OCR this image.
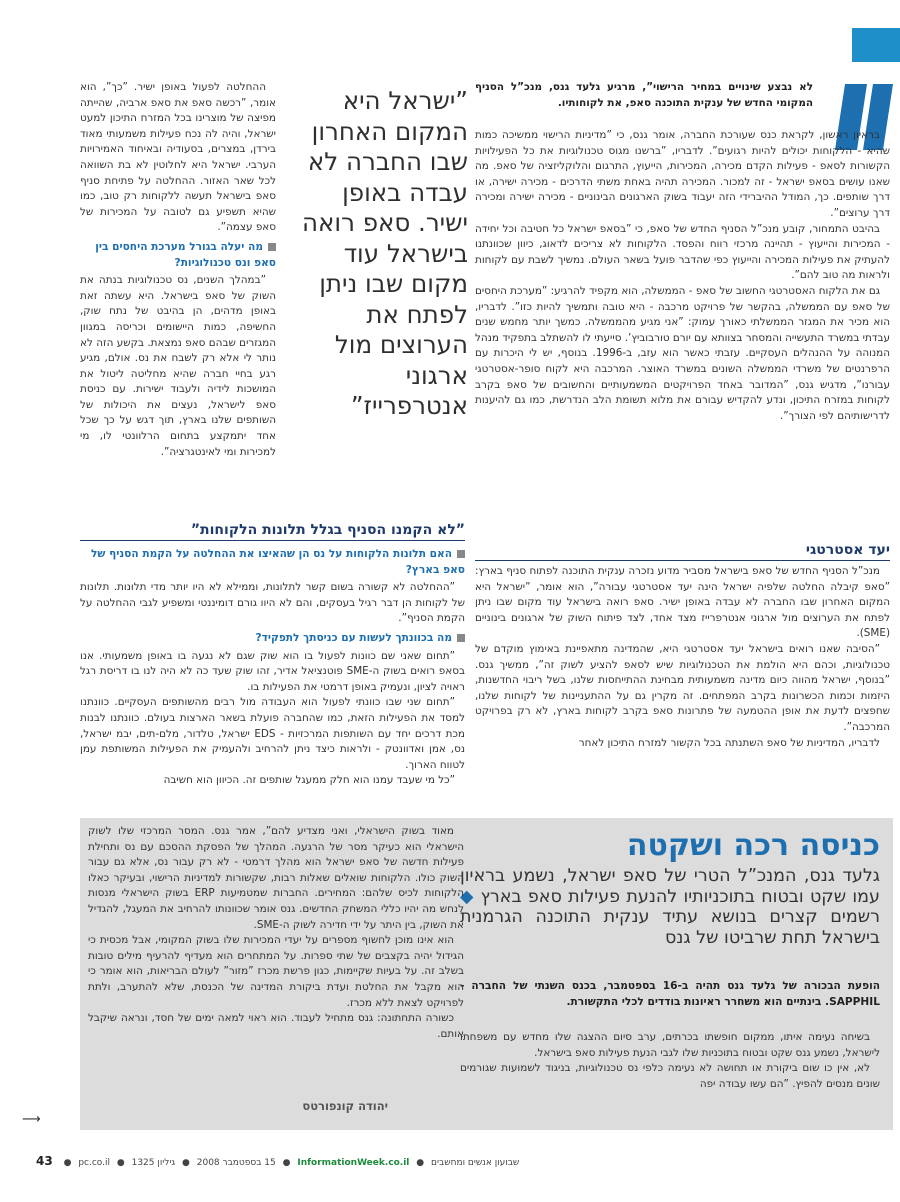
לא נבצע שינויים במחיר הרישוי”, מרגיע גלעד גנס, מנכ”ל הסניף המקומי החדש של ענקית התוכנה סאפ, את לקוחותיו.

בראיון ראשון, לקראת כנס שעורכת החברה, אומר גנס, כי ”מדיניות הרישוי ממשיכה כמות שהיא - הלקוחות יכולים להיות רגועים”. לדבריו, ”ברשנו מגוס טכנולוגיות את כל הפעילויות הקשורות לסאפ - פעילות הקדם מכירה, המכירות, הייעוץ, התרגום והלוקליזציה של סאפ. מה שאנו עושים בסאפ ישראל - זה למכור. המכירה תהיה באחת משתי הדרכים - מכירה ישירה, או דרך שותפים. כך, המודל ההיברידי הזה יעבוד בשוק הארגונים הבינוניים - מכירה ישירה ומכירה דרך ערוצים”.

בהיבט התמחור, קובע מנכ”ל הסניף החדש של סאפ, כי ”בסאפ ישראל כל חטיבה וכל יחידה - המכירות והייעוץ - תהיינה מרכזי רווח והפסד. הלקוחות לא צריכים לדאוג, כיוון שכוונתנו להעתיק את פעילות המכירה והייעוץ כפי שהדבר פועל בשאר העולם. נמשיך לשבת עם לקוחות ולראות מה טוב להם”.

גם את הלקוח האסטרטגי החשוב של סאפ - הממשלה, הוא מקפיד להרגיע: ”מערכת היחסים של סאפ עם הממשלה, בהקשר של פרויקט מרכבה - היא טובה ותמשיך להיות כזו”. לדבריו, הוא מכיר את המגזר הממשלתי כאורך עמוק: ”אני מגיע מהממשלה. כמשך יותר מחמש שנים עבדתי במשרד התעשייה והמסחר בצוותא עם יורם טורבוביץ’. סייעתי לו להשתלב בתפקיד מנהל המנוהה על ההנהלים העסקיים. עזבתי כאשר הוא עזב, ב-1996. בנוסף, יש לי היכרות עם הרפרנטים של משרדי הממשלה השונים במשרד האוצר. המרכבה היא לקוח סופר-אסטרטגי עבורנו”, מדגיש גנס, ”המדובר באחד הפרויקטים המשמעותיים והחשובים של סאפ בקרב לקוחות במזרח התיכון, ונדע להקדיש עבורם את מלוא תשומת הלב הנדרשת, כמו גם להיענות לדרישותיהם לפי הצורך”.

”ישראל היא המקום האחרון שבו החברה לא עבדה באופן ישיר. סאפ רואה בישראל עוד מקום שבו ניתן לפתח את הערוצים מול ארגוני אנטרפרייז”

ההחלטה לפעול באופן ישיר. ”כך”, הוא אומר, ”רכשה סאפ את סאפ ארביה, שהייתה מפיצה של מוצרינו בכל המזרח התיכון למעט ישראל, והיה לה נכח פעילות משמעותי מאוד בירדן, במצרים, בסעודיה ובאיחוד האמירויות הערבי. ישראל היא לחלוטין לא בת השוואה לכל שאר האזור. ההחלטה על פתיחת סניף סאפ בישראל תעשה ללקוחות רק טוב, כמו שהיא תשפיע גם לטובה על המכירות של סאפ עצמה”.

מה יעלה בגורל מערכת היחסים בין סאפ ונס טכנולוגיות?

”במהלך השנים, נס טכנולוגיות בנתה את השוק של סאפ בישראל. היא עשתה זאת באופן מדהים, הן בהיבט של נתח שוק, החשיפה, כמות היישומים וכריסה במגוון המגזרים שבהם סאפ נמצאת. בקשע הזה לא נותר לי אלא רק לשבח את נס. אולם, מגיע רגע בחיי חברה שהיא מחליטה ליטול את המושכות לידיה ולעבוד ישירות. עם כניסת סאפ לישראל, נעצים את היכולות של השותפים שלנו בארץ, תוך דגש על כך שכל אחד יתמקצע בתחום הרלוונטי לו, מי למכירות ומי לאינטגרציה”.

יעד אסטרטגי

מנכ”ל הסניף החדש של סאפ בישראל מסביר מדוע נזכרה ענקית התוכנה לפתוח סניף בארץ: ”סאפ קיבלה החלטה שלפיה ישראל הינה יעד אסטרטגי עבורה”, הוא אומר, ”ישראל היא המקום האחרון שבו החברה לא עבדה באופן ישיר. סאפ רואה בישראל עוד מקום שבו ניתן לפתח את הערוצים מול ארגוני אנטרפרייז מצד אחד, לצד פיתוח השוק של ארגונים בינוניים (SME).

”הסיבה שאנו רואים בישראל יעד אסטרטגי היא, שהמדינה מתאפיינת באימוץ מוקדם של טכנולוגיות, וכהם היא הולמת את הטכנולוגיות שיש לסאפ להציע לשוק זה”, ממשיך גנס. ”בנוסף, ישראל מהווה כיום מדינה משמעותית מבחינת ההתייחסות שלנו, בשל ריבוי החדשנות, היזמות וכמות הכשרונות בקרב המפתחים. זה מקרין גם על ההתעניינות של לקוחות שלנו, שחפצים לדעת את אופן ההטמעה של פתרונות סאפ בקרב לקוחות בארץ, לא רק בפרויקט המרכבה”.

לדבריו, המדיניות של סאפ השתנתה בכל הקשור למזרח התיכון לאחר

”לא הקמנו הסניף בגלל תלונות הלקוחות”
האם תלונות הלקוחות על נס הן שהאיצו את ההחלטה על הקמת הסניף של סאפ בארץ?

”ההחלטה לא קשורה בשום קשר לתלונות, וממילא לא היו יותר מדי תלונות. תלונות של לקוחות הן דבר רגיל בעסקים, והם לא היוו גורם דומיננטי ומשפיע לגבי ההחלטה על הקמת הסניף”.

מה בכוונתך לעשות עם כניסתך לתפקיד?

”תחום שאני שם כוונות לפעול בו הוא שוק שגם לא נגעה בו באופן משמעותי. אנו בסאפ רואים בשוק ה-SME פוטנציאל אדיר, זהו שוק שעד כה לא היה לנו בו דריסת רגל ראויה לציון, ונעמיק באופן דרמטי את הפעילות בו.

”תחום שני שבו כוונתי לפעול הוא העבודה מול רבים מהשותפים העסקיים. כוונתנו למסד את הפעילות הזאת, כמו שהחברה פועלת בשאר הארצות בעולם. כוונתנו לבנות מכת דרכים יחד עם השותפות המרכזיות - EDS ישראל, טלדור, מלם-תים, יבמ ישראל, נס, אמן ואדוונטק - ולראות כיצד ניתן להרחיב ולהעמיק את הפעילות המשותפת עמן לטווח הארוך.

”כל מי שעבד עמנו הוא חלק ממעגל שותפים זה. הכיוון הוא חשיבה

כניסה רכה ושקטה
גלעד גנס, המנכ”ל הטרי של סאפ ישראל, נשמע בראיון עמו שקט ובטוח בתוכניותיו להנעת פעילות סאפ בארץ ◆ רשמים קצרים בנושא עתיד ענקית התוכנה הגרמנית בישראל תחת שרביטו של גנס
הופעת הבכורה של גלעד גנס תהיה ב-16 בספטמבר, בכנס השנתי של החברה - SAPPHIL. בינתיים הוא משחרר ראיונות בודדים לכלי התקשורת.

בשיחה נעימה איתו, ממקום חופשתו בכרתים, ערב סיום ההצגה שלו מחדש עם משפחתו לישראל, נשמע גנס שקט ובטוח בתוכניות שלו לגבי הנעת פעילות סאפ בישראל.

לא, אין כו שום ביקורת או תחושה לא נעימה כלפי נס טכנולוגיות, בניגוד לשמועות שגורמים שונים מנסים להפיץ. ”הם עשו עבודה יפה

מאוד בשוק הישראלי, ואני מצדיע להם”, אמר גנס. המסר המרכזי שלו לשוק הישראלי הוא כעיקר מסר של הרגעה. המהלך של הפסקת ההסכם עם נס ותחילת פעילות חדשה של סאפ ישראל הוא מהלך דרמטי - לא רק עבור נס, אלא גם עבור השוק כולו. הלקוחות שואלים שאלות רבות, שקשורות למדיניות הרישוי, ובעיקר כאלו הלקוחות לכיס שלהם: המחירים. החברות שמטמיעות ERP בשוק הישראלי מנסות לנחש מה יהיו כללי המשחק החדשים. גנס אומר שכוונותו להרחיב את המעגל, להגדיל את השוק, בין היתר על ידי חדירה לשוק ה-SME.

הוא אינו מוכן לחשוף מספרים על יעדי המכירות שלו בשוק המקומי, אבל מכסית כי הגידול יהיה בקצבים של שתי ספרות. על המתחרים הוא מעדיף להרעיף מילים טובות בשלב זה. על בעיות שקיימות, כגון פרשת מכרז ”מזור” לעולם הבריאות, הוא אומר כי הוא מקבל את החלטת ועדת ביקורת המדינה של הכנסת, שלא להתערב, ולתת לפרויקט לצאת ללא מכרז.

כשורה התחתונה: גנס מתחיל לעבוד. הוא ראוי למאה ימים של חסד, ונראה שיקבל אותם.

יהודה קונפורטס
⟶
43 ● pc.co.il ●	15 בספטמבר 2008 ● גיליון 1325	● InformationWeek.co.il ● שבועון אנשים ומחשבים
